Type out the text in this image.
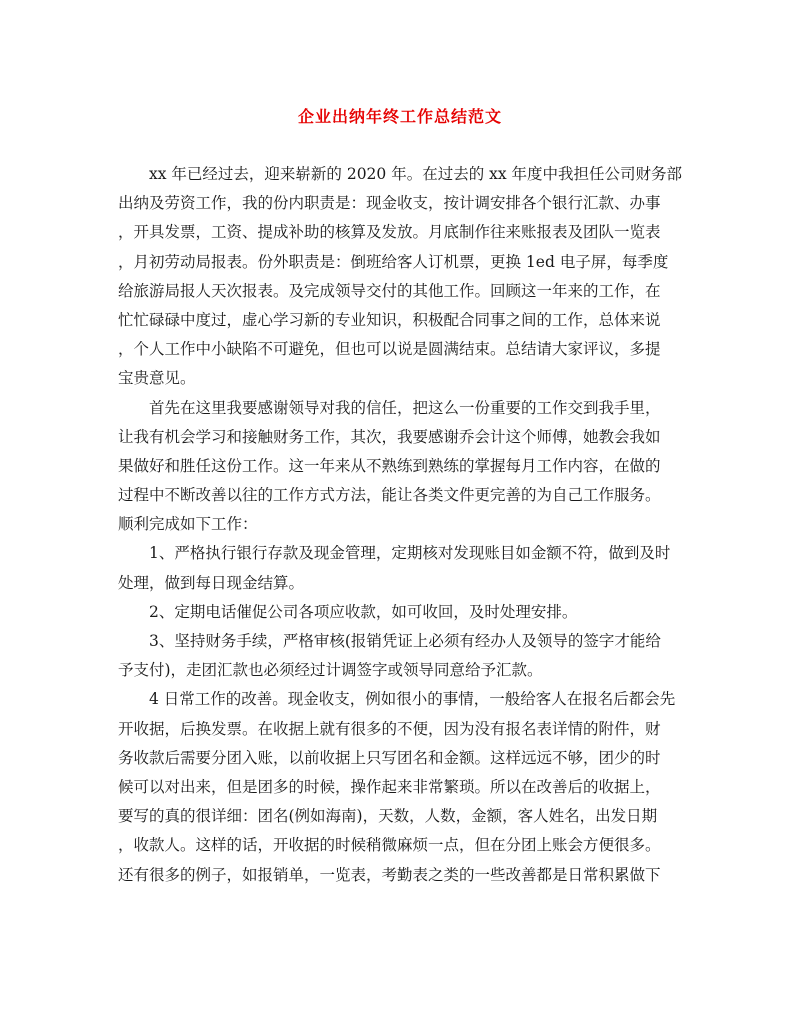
企业出纳年终工作总结范文
xx 年已经过去，迎来崭新的 2020 年。在过去的 xx 年度中我担任公司财务部
出纳及劳资工作，我的份内职责是：现金收支，按计调安排各个银行汇款、办事
，开具发票，工资、提成补助的核算及发放。月底制作往来账报表及团队一览表
，月初劳动局报表。份外职责是：倒班给客人订机票，更换 1ed 电子屏，每季度
给旅游局报人天次报表。及完成领导交付的其他工作。回顾这一年来的工作，在
忙忙碌碌中度过，虚心学习新的专业知识，积极配合同事之间的工作，总体来说
，个人工作中小缺陷不可避免，但也可以说是圆满结束。总结请大家评议，多提
宝贵意见。
首先在这里我要感谢领导对我的信任，把这么一份重要的工作交到我手里，
让我有机会学习和接触财务工作，其次，我要感谢乔会计这个师傅，她教会我如
果做好和胜任这份工作。这一年来从不熟练到熟练的掌握每月工作内容，在做的
过程中不断改善以往的工作方式方法，能让各类文件更完善的为自己工作服务。
顺利完成如下工作：
1、严格执行银行存款及现金管理，定期核对发现账目如金额不符，做到及时
处理，做到每日现金结算。
2、定期电话催促公司各项应收款，如可收回，及时处理安排。
3、坚持财务手续，严格审核(报销凭证上必须有经办人及领导的签字才能给
予支付)，走团汇款也必须经过计调签字或领导同意给予汇款。
4 日常工作的改善。现金收支，例如很小的事情，一般给客人在报名后都会先
开收据，后换发票。在收据上就有很多的不便，因为没有报名表详情的附件，财
务收款后需要分团入账，以前收据上只写团名和金额。这样远远不够，团少的时
候可以对出来，但是团多的时候，操作起来非常繁琐。所以在改善后的收据上，
要写的真的很详细：团名(例如海南)，天数，人数，金额，客人姓名，出发日期
，收款人。这样的话，开收据的时候稍微麻烦一点，但在分团上账会方便很多。
还有很多的例子，如报销单，一览表，考勤表之类的一些改善都是日常积累做下
